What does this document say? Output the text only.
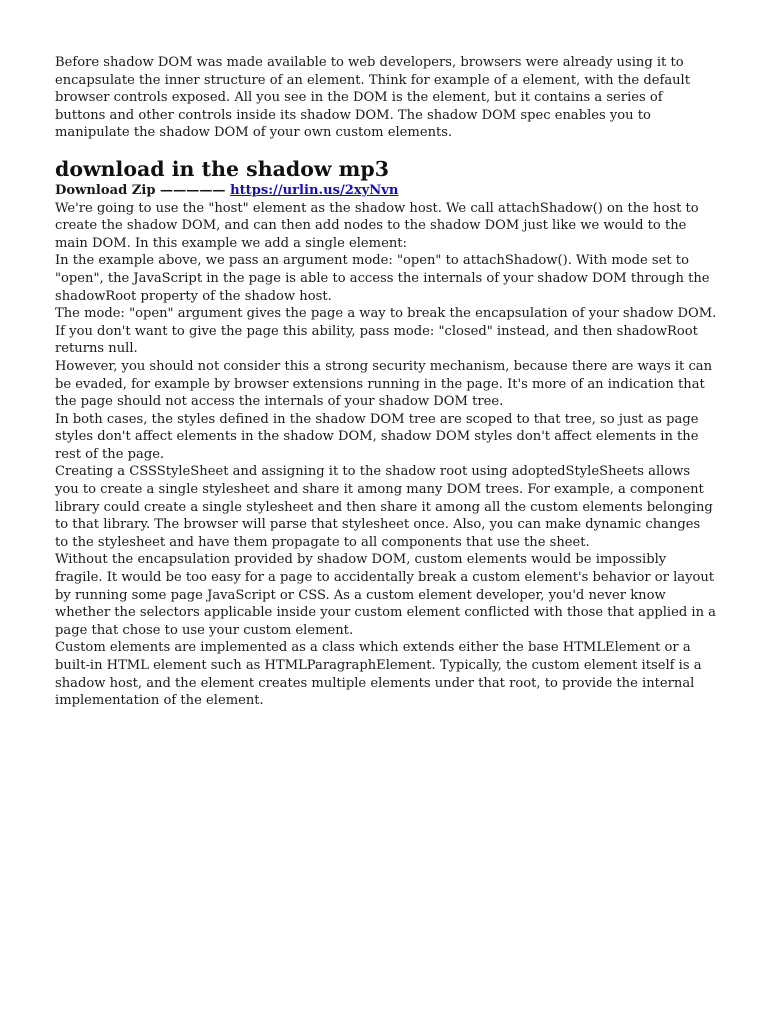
Before shadow DOM was made available to web developers, browsers were already using it to encapsulate the inner structure of an element. Think for example of a element, with the default browser controls exposed. All you see in the DOM is the element, but it contains a series of buttons and other controls inside its shadow DOM. The shadow DOM spec enables you to manipulate the shadow DOM of your own custom elements.

download in the shadow mp3

Download Zip ————— https://urlin.us/2xyNvn

We're going to use the "host" element as the shadow host. We call attachShadow() on the host to create the shadow DOM, and can then add nodes to the shadow DOM just like we would to the main DOM. In this example we add a single element:

In the example above, we pass an argument mode: "open" to attachShadow(). With mode set to "open", the JavaScript in the page is able to access the internals of your shadow DOM through the shadowRoot property of the shadow host.

The mode: "open" argument gives the page a way to break the encapsulation of your shadow DOM. If you don't want to give the page this ability, pass mode: "closed" instead, and then shadowRoot returns null.

However, you should not consider this a strong security mechanism, because there are ways it can be evaded, for example by browser extensions running in the page. It's more of an indication that the page should not access the internals of your shadow DOM tree.

In both cases, the styles defined in the shadow DOM tree are scoped to that tree, so just as page styles don't affect elements in the shadow DOM, shadow DOM styles don't affect elements in the rest of the page.

Creating a CSSStyleSheet and assigning it to the shadow root using adoptedStyleSheets allows you to create a single stylesheet and share it among many DOM trees. For example, a component library could create a single stylesheet and then share it among all the custom elements belonging to that library. The browser will parse that stylesheet once. Also, you can make dynamic changes to the stylesheet and have them propagate to all components that use the sheet.

Without the encapsulation provided by shadow DOM, custom elements would be impossibly fragile. It would be too easy for a page to accidentally break a custom element's behavior or layout by running some page JavaScript or CSS. As a custom element developer, you'd never know whether the selectors applicable inside your custom element conflicted with those that applied in a page that chose to use your custom element.

Custom elements are implemented as a class which extends either the base HTMLElement or a built-in HTML element such as HTMLParagraphElement. Typically, the custom element itself is a shadow host, and the element creates multiple elements under that root, to provide the internal implementation of the element.
